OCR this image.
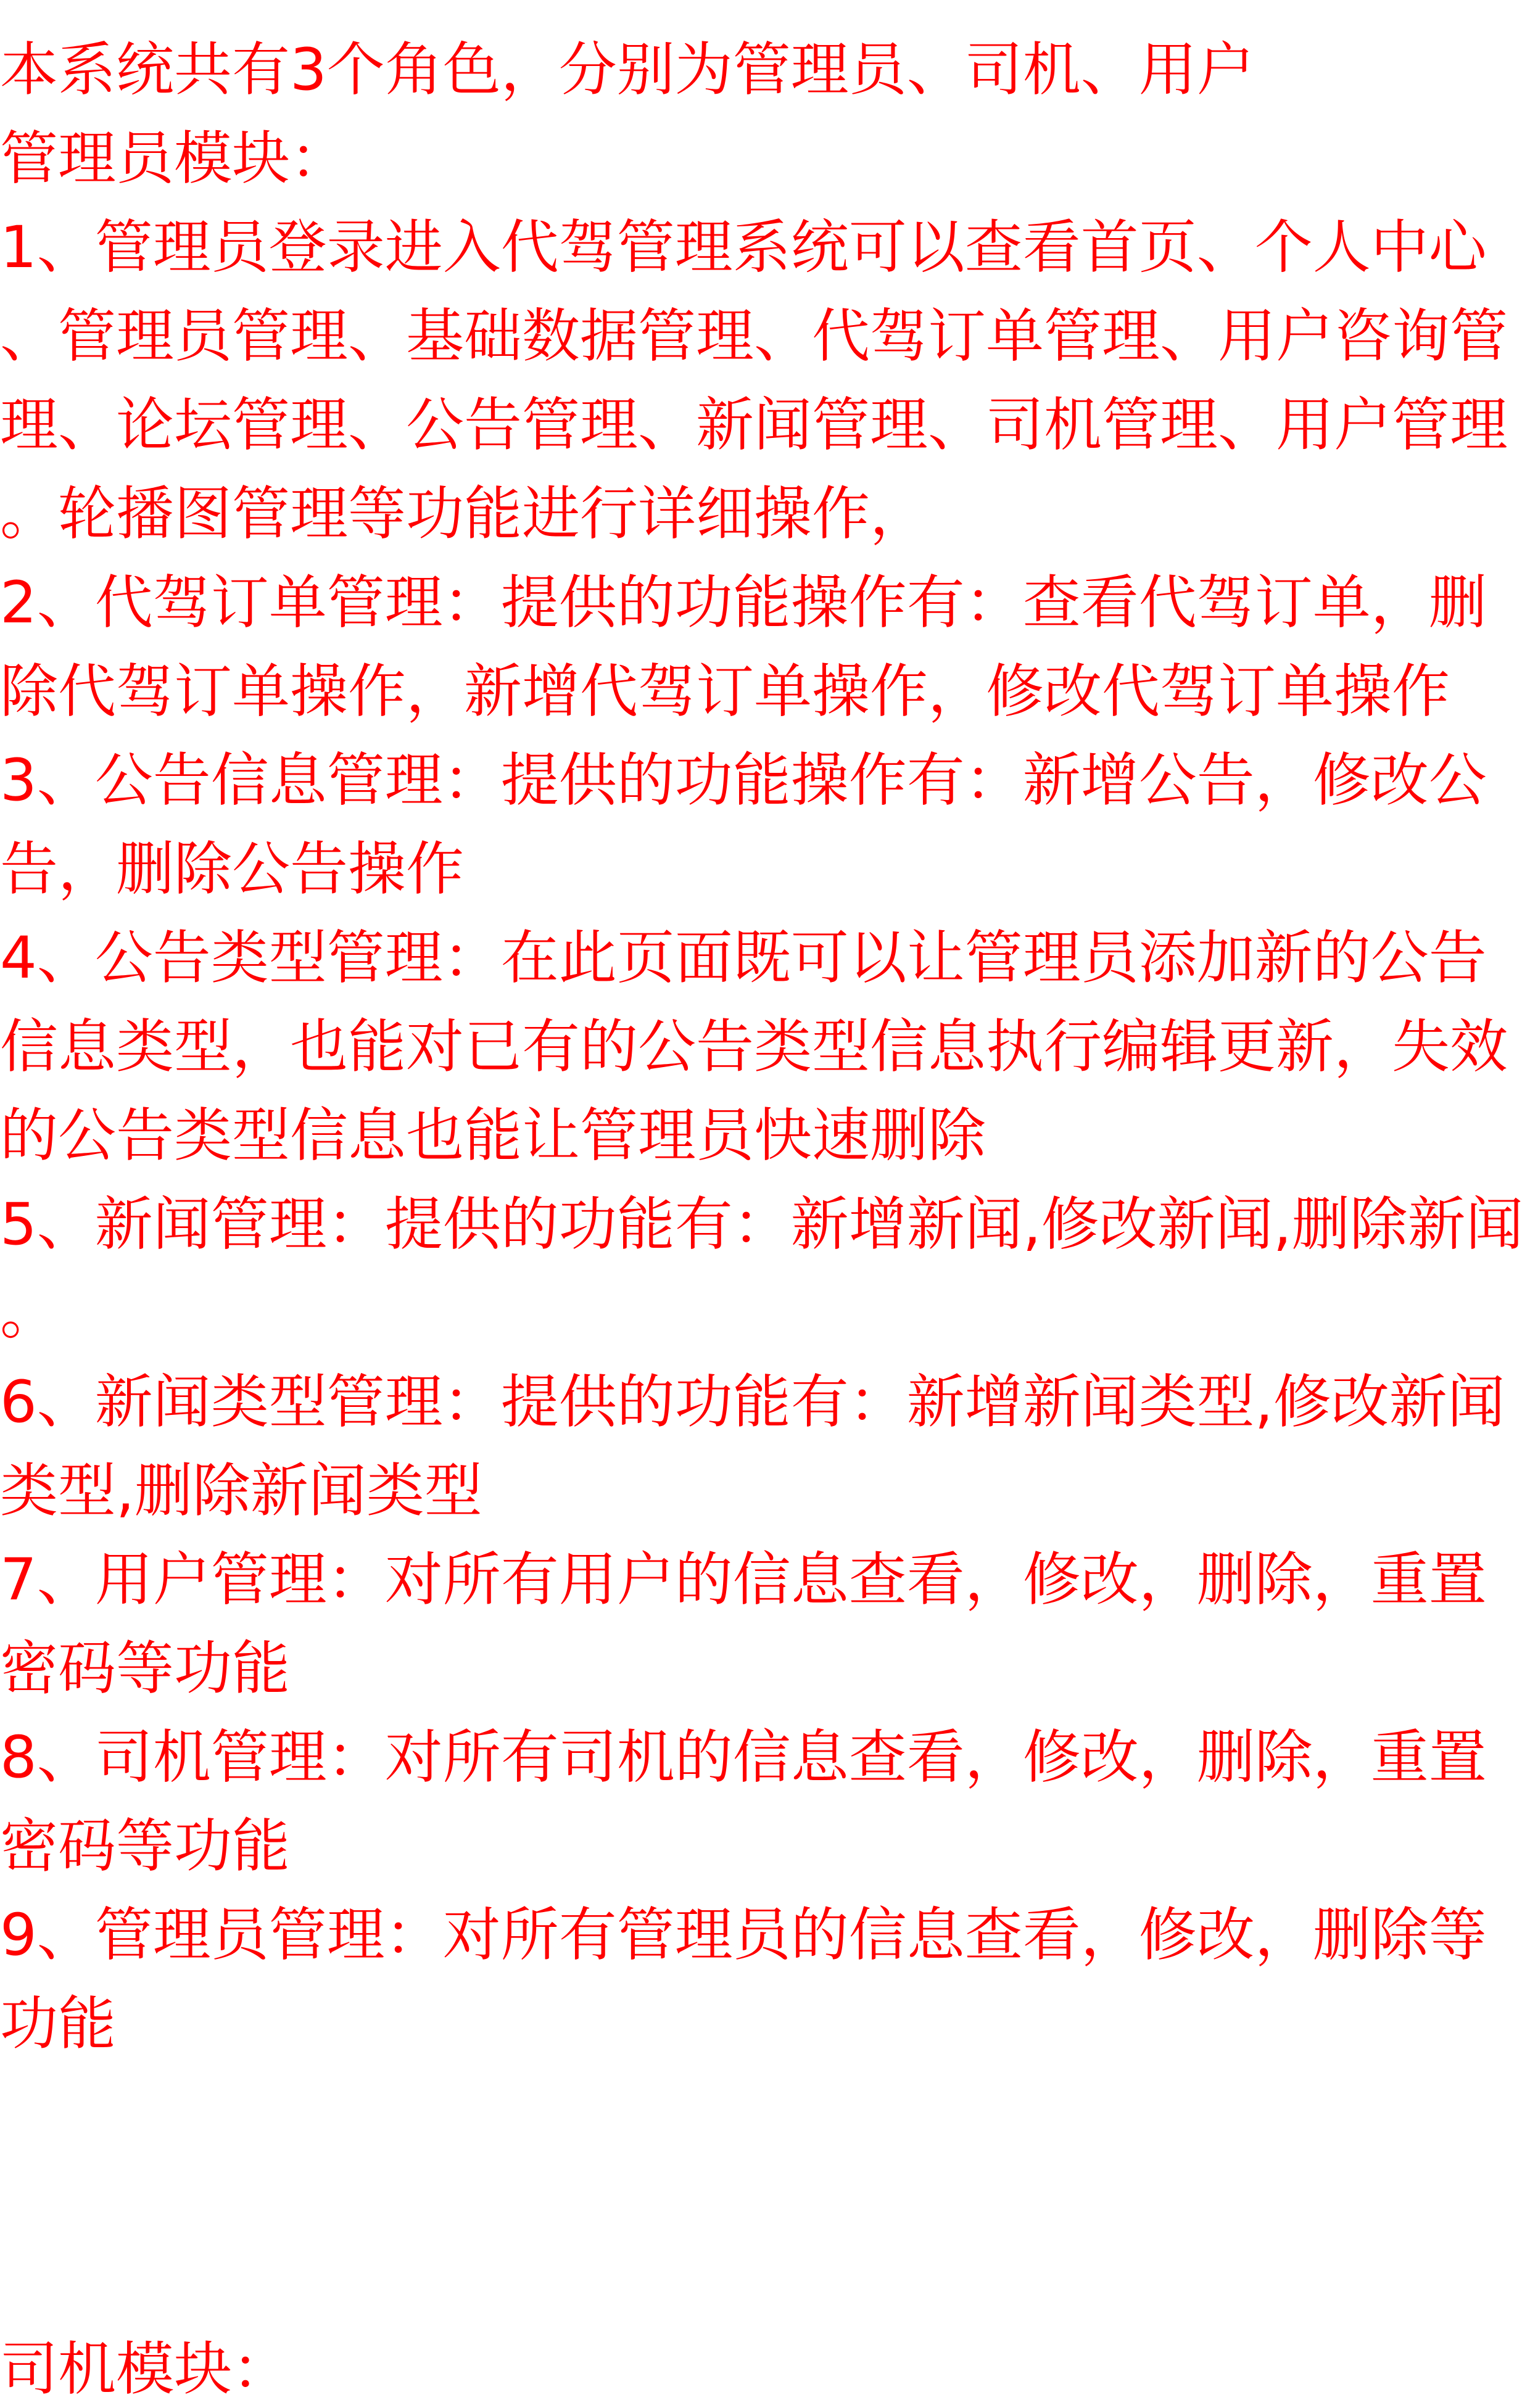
本系统共有3个角色，分别为管理员、司机、用户

管理员模块：

1、管理员登录进入代驾管理系统可以查看首页、个人中心

、管理员管理、基础数据管理、代驾订单管理、用户咨询管

理、论坛管理、公告管理、新闻管理、司机管理、用户管理

。轮播图管理等功能进行详细操作，

2、代驾订单管理：提供的功能操作有：查看代驾订单，删

除代驾订单操作，新增代驾订单操作，修改代驾订单操作

3、公告信息管理：提供的功能操作有：新增公告，修改公

告，删除公告操作

4、公告类型管理：在此页面既可以让管理员添加新的公告

信息类型，也能对已有的公告类型信息执行编辑更新，失效

的公告类型信息也能让管理员快速删除

5、新闻管理：提供的功能有：新增新闻,修改新闻,删除新闻

。

6、新闻类型管理：提供的功能有：新增新闻类型,修改新闻

类型,删除新闻类型

7、用户管理：对所有用户的信息查看，修改，删除，重置

密码等功能

8、司机管理：对所有司机的信息查看，修改，删除，重置

密码等功能

9、管理员管理：对所有管理员的信息查看，修改，删除等

功能

司机模块：
